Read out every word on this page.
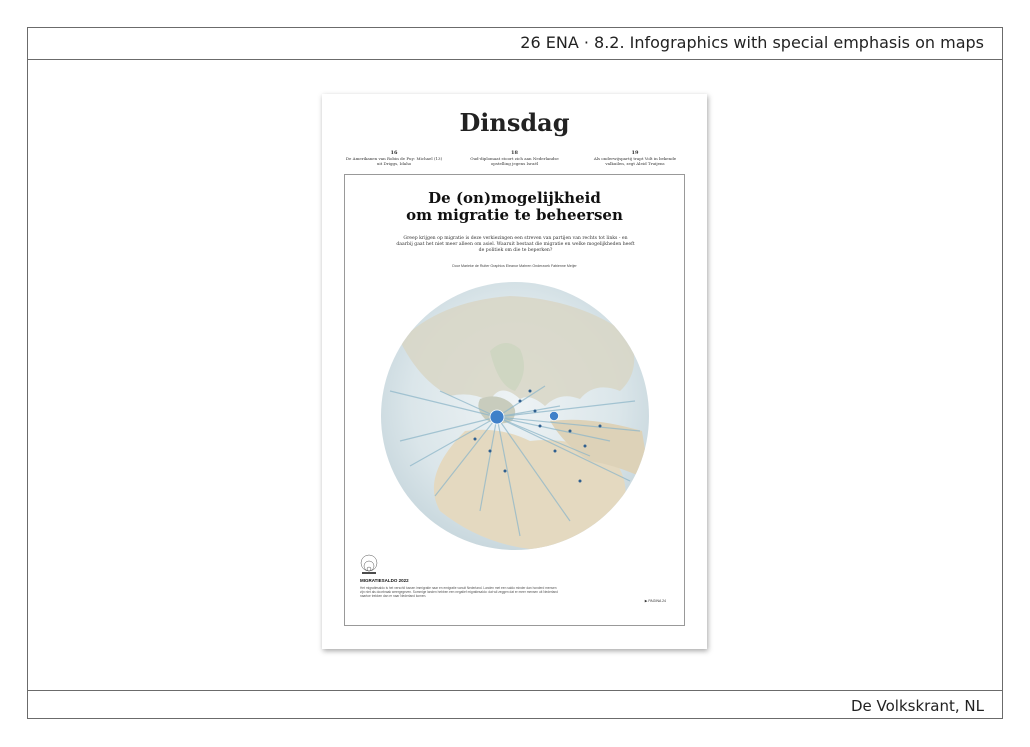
26 ENA · 8.2. Infographics with special emphasis on maps
De Volkskrant, NL
Dinsdag
16
De Amerikanen van Robin de Puy: Michael (13) uit Driggs, Idaho
18
Oud-diplomaat stoort zich aan Nederlandse opstelling jegens Israël
19
Als onderwijspartij trapt Volt in bekende valkuilen, zegt Aleid Truijens
De (on)mogelijkheid
om migratie te beheersen
Greep krijgen op migratie is deze verkiezingen een streven van partijen van rechts tot links - en daarbij gaat het niet meer alleen om asiel. Waaruit bestaat die migratie en welke mogelijkheden heeft de politiek om die te beperken?
Door Marieke de Ruiter Graphics Eleanor Mahren Onderzoek Fabienne Meijer
MIGRATIESALDO 2022
Het migratiesaldo is het verschil tussen immigratie naar en emigratie vanuit Nederland. Landen met een saldo minder dan honderd mensen zijn niet als doorbraak weergegeven. Sommige landen hebben een negatief migratiesaldo: dat wil zeggen dat er meer mensen uit Nederland naartoe trekken dan er naar Nederland komen.
▶ PAGINA 24
